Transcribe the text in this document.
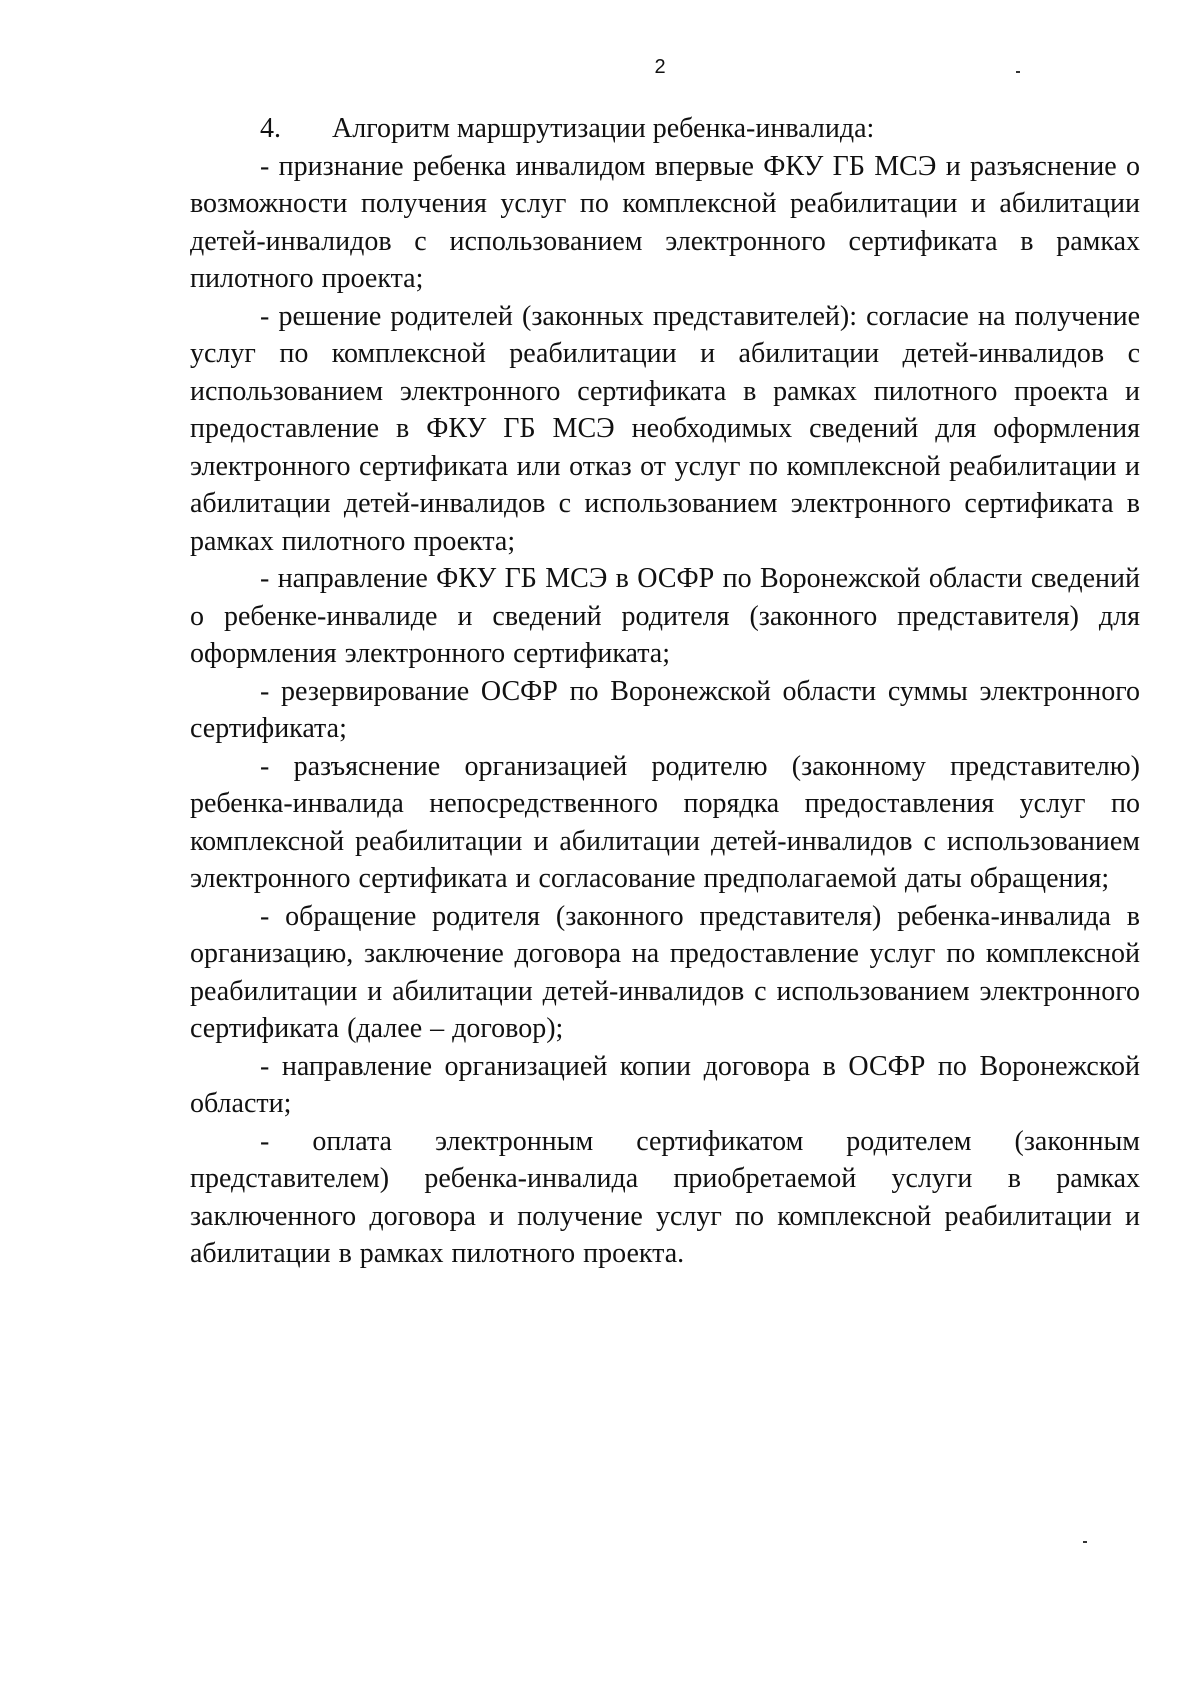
2

4. Алгоритм маршрутизации ребенка-инвалида:

- признание ребенка инвалидом впервые ФКУ ГБ МСЭ и разъяснение о возможности получения услуг по комплексной реабилитации и абилитации детей-инвалидов с использованием электронного сертификата в рамках пилотного проекта;

- решение родителей (законных представителей): согласие на получение услуг по комплексной реабилитации и абилитации детей-инвалидов с использованием электронного сертификата в рамках пилотного проекта и предоставление в ФКУ ГБ МСЭ необходимых сведений для оформления электронного сертификата или отказ от услуг по комплексной реабилитации и абилитации детей-инвалидов с использованием электронного сертификата в рамках пилотного проекта;

- направление ФКУ ГБ МСЭ в ОСФР по Воронежской области сведений о ребенке-инвалиде и сведений родителя (законного представителя) для оформления электронного сертификата;

- резервирование ОСФР по Воронежской области суммы электронного сертификата;

- разъяснение организацией родителю (законному представителю) ребенка-инвалида непосредственного порядка предоставления услуг по комплексной реабилитации и абилитации детей-инвалидов с использованием электронного сертификата и согласование предполагаемой даты обращения;

- обращение родителя (законного представителя) ребенка-инвалида в организацию, заключение договора на предоставление услуг по комплексной реабилитации и абилитации детей-инвалидов с использованием электронного сертификата (далее – договор);

- направление организацией копии договора в ОСФР по Воронежской области;

- оплата электронным сертификатом родителем (законным представителем) ребенка-инвалида приобретаемой услуги в рамках заключенного договора и получение услуг по комплексной реабилитации и абилитации в рамках пилотного проекта.
